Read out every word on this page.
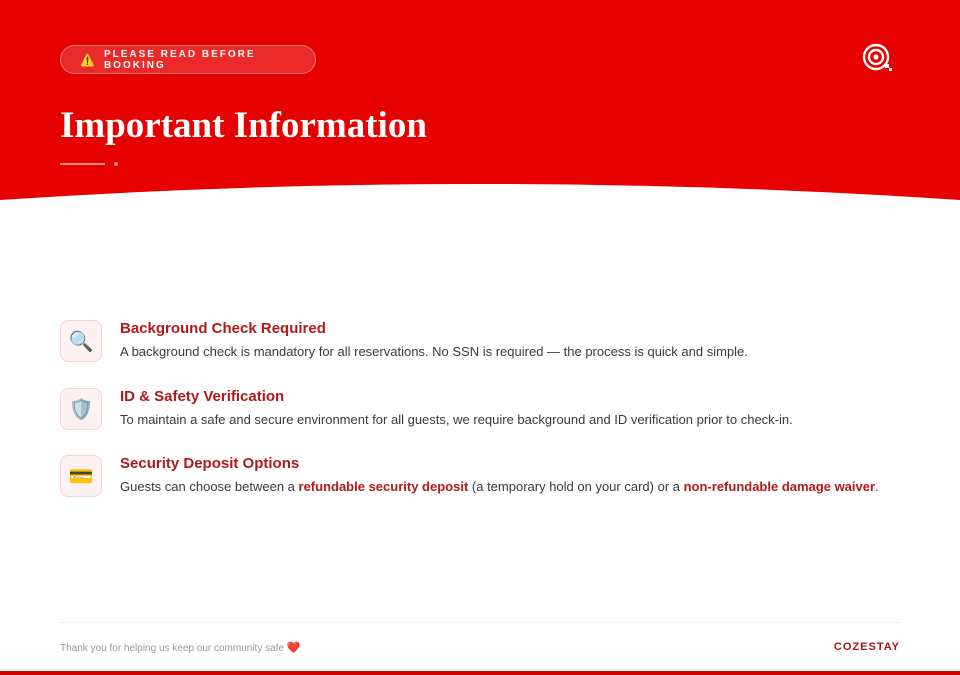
⚠️ PLEASE READ BEFORE BOOKING
Important Information
🔍
Background Check Required

A background check is mandatory for all reservations. No SSN is required — the process is quick and simple.

🛡️
ID & Safety Verification

To maintain a safe and secure environment for all guests, we require background and ID verification prior to check-in.

💳
Security Deposit Options

Guests can choose between a refundable security deposit (a temporary hold on your card) or a non-refundable damage waiver.

Thank you for helping us keep our community safe ❤️	COZESTAY
